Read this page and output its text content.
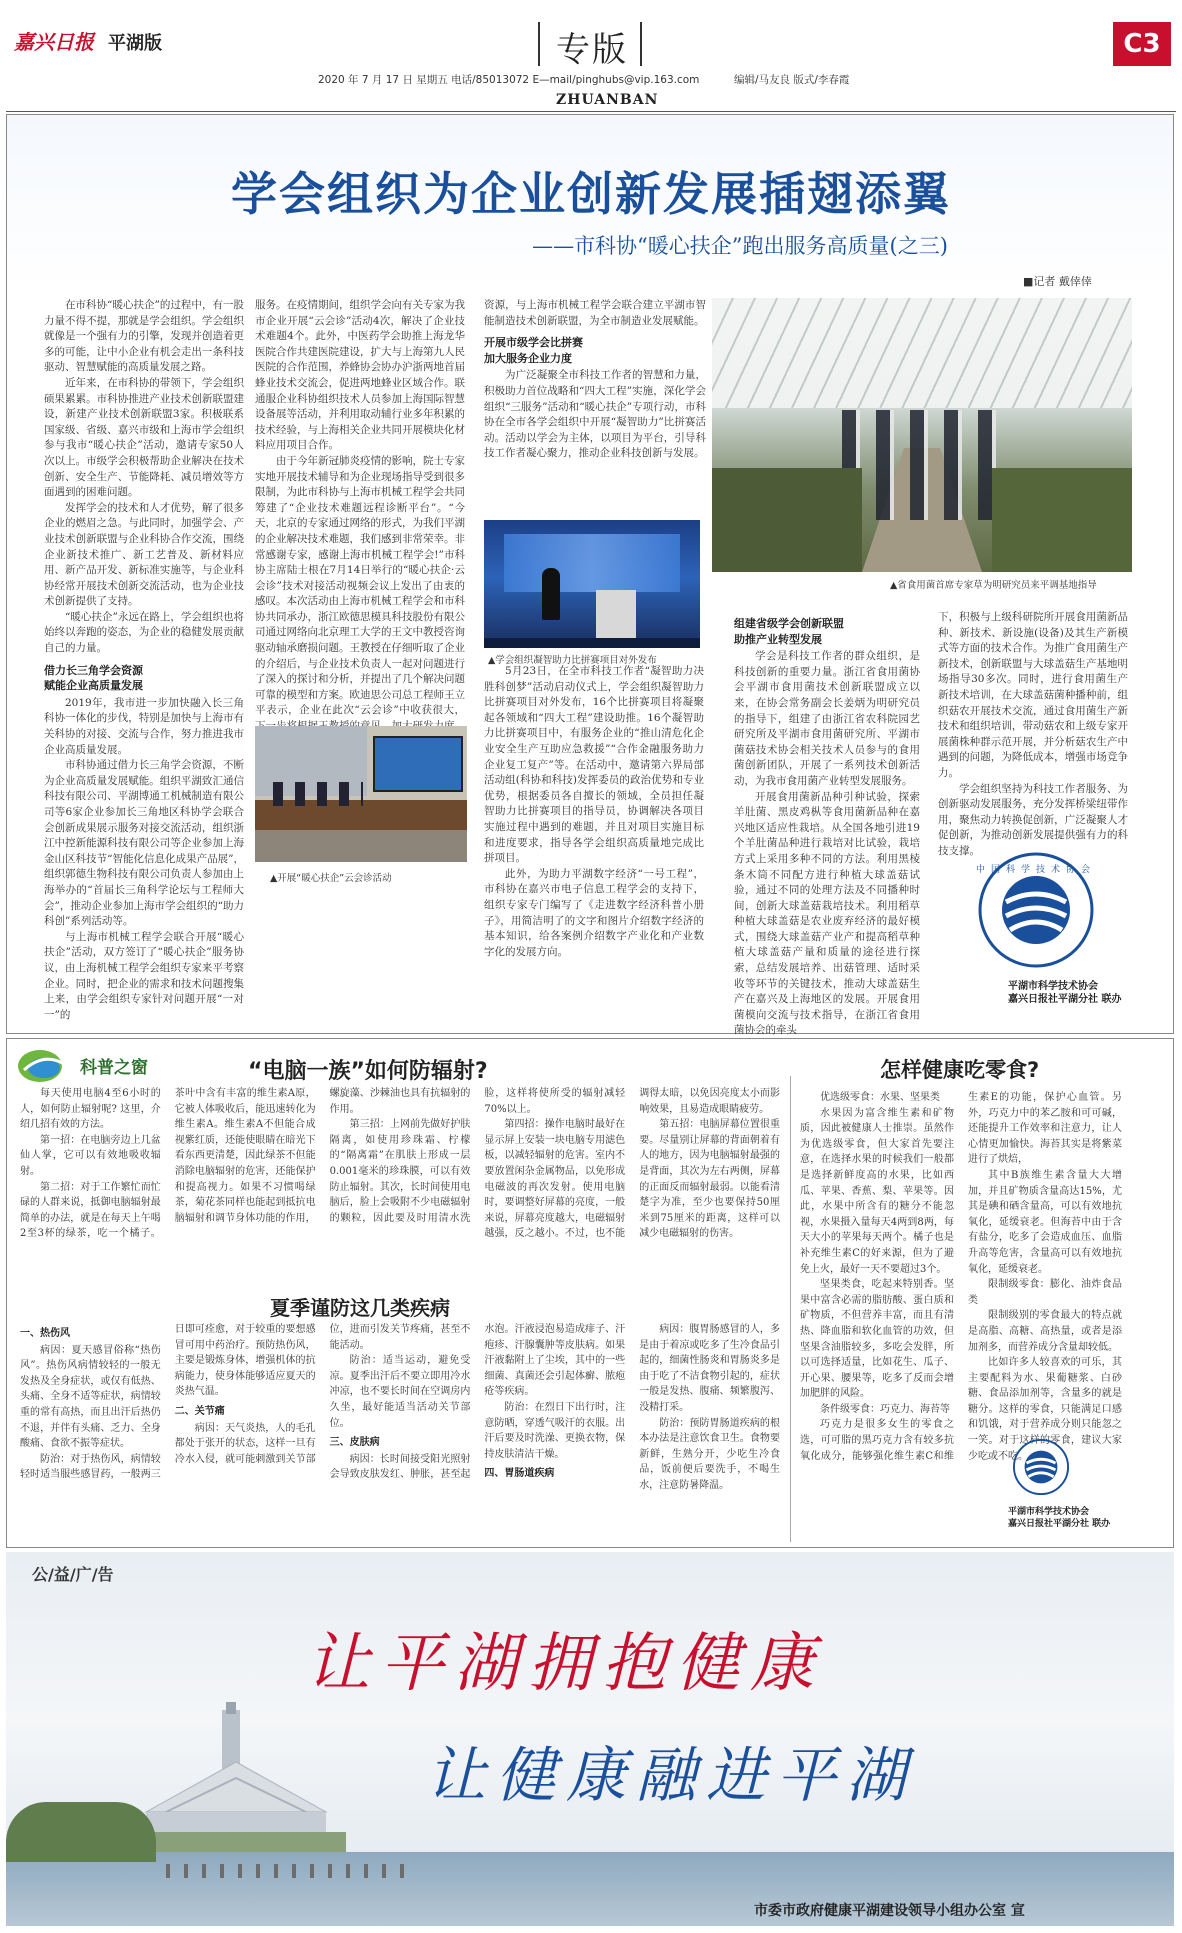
嘉兴日报 平湖版	专版	C3
2020 年 7 月 17 日 星期五 电话/85013072 E—mail/pinghubs@vip.163.com	编辑/马友良 版式/李春霞
ZHUANBAN
学会组织为企业创新发展插翅添翼
——市科协“暖心扶企”跑出服务高质量(之三)
■记者 戴倖倖

在市科协“暖心扶企”的过程中，有一股力量不得不提，那就是学会组织。学会组织就像是一个强有力的引擎，发现并创造着更多的可能，让中小企业有机会走出一条科技驱动、智慧赋能的高质量发展之路。

近年来，在市科协的带领下，学会组织硕果累累。市科协推进产业技术创新联盟建设，新建产业技术创新联盟3家。积极联系国家级、省级、嘉兴市级和上海市学会组织参与我市“暖心扶企”活动，邀请专家50人次以上。市级学会积极帮助企业解决在技术创新、安全生产、节能降耗、减员增效等方面遇到的困难问题。

发挥学会的技术和人才优势，解了很多企业的燃眉之急。与此同时，加强学会、产业技术创新联盟与企业科协合作交流，围绕企业新技术推广、新工艺普及、新材料应用、新产品开发、新标准实施等，与企业科协经常开展技术创新交流活动，也为企业技术创新提供了支持。

“暖心扶企”永远在路上，学会组织也将始终以奔跑的姿态，为企业的稳健发展贡献自己的力量。

借力长三角学会资源
赋能企业高质量发展

2019年，我市进一步加快融入长三角科协一体化的步伐，特别是加快与上海市有关科协的对接、交流与合作，努力推进我市企业高质量发展。

市科协通过借力长三角学会资源，不断为企业高质量发展赋能。组织平湖致汇通信科技有限公司、平湖博通工机械制造有限公司等6家企业参加长三角地区科协学会联合会创新成果展示服务对接交流活动，组织浙江中控新能源科技有限公司等企业参加上海金山区科技节“智能化信息化成果产品展”，组织郭德生物科技有限公司负责人参加由上海举办的“首届长三角科学论坛与工程师大会”，推动企业参加上海市学会组织的“助力科创”系列活动等。

与上海市机械工程学会联合开展“暖心扶企”活动，双方签订了“暖心扶企”服务协议，由上海机械工程学会组织专家来平考察企业。同时，把企业的需求和技术问题搜集上来，由学会组织专家针对问题开展“一对一”的

服务。在疫情期间，组织学会向有关专家为我市企业开展“云会诊”活动4次，解决了企业技术难题4个。此外，中医药学会助推上海龙华医院合作共建医院建设，扩大与上海第九人民医院的合作范围，养蜂协会协办沪浙两地首届蜂业技术交流会，促进两地蜂业区域合作。联通服企业科协组织技术人员参加上海国际智慧设备展等活动，并利用取动辅行业多年积累的技术经验，与上海相关企业共同开展模块化材料应用项目合作。

由于今年新冠肺炎疫情的影响，院士专家实地开展技术辅导和为企业现场指导受到很多限制，为此市科协与上海市机械工程学会共同筹建了“企业技术难题远程诊断平台”。“今天，北京的专家通过网络的形式，为我们平湖的企业解决技术难题，我们感到非常荣幸。非常感谢专家，感谢上海市机械工程学会!”市科协主席陆士根在7月14日举行的“暖心扶企·云会诊”技术对接活动视频会议上发出了由衷的感叹。本次活动由上海市机械工程学会和市科协共同承办，浙江欧德思模具科技股份有限公司通过网络向北京理工大学的王文中教授咨询驱动轴承磨损问题。王教授在仔细听取了企业的介绍后，与企业技术负责人一起对问题进行了深入的探讨和分析，并提出了几个解决问题可靠的模型和方案。欧迪思公司总工程师王立平表示，企业在此次“云会诊”中收获很大，

资源，与上海市机械工程学会联合建立平湖市智能制造技术创新联盟，为全市制造业发展赋能。

开展市级学会比拼赛
加大服务企业力度

为广泛凝聚全市科技工作者的智慧和力量，积极助力首位战略和“四大工程”实施，深化学会组织“三服务”活动和“暖心扶企”专项行动，市科协在全市各学会组织中开展“凝智助力”比拼赛活动。活动以学会为主体，以项目为平台，引导科技工作者凝心聚力，推动企业科技创新与发展。

▲学会组织凝智助力比拼赛项目对外发布
▲开展“暖心扶企”云会诊活动

5月23日，在全市科技工作者“凝智助力决胜科创梦”活动启动仪式上，学会组织凝智助力比拼赛项目对外发布，16个比拼赛项目将凝聚起各领域和“四大工程”建设助推。16个凝智助力比拼赛项目中，有服务企业的“推山清危化企业安全生产互助应急救援”“合作金融服务助力企业复工复产”等。在活动中，邀请第六界局部活动组(科协和科技)发挥委员的政治优势和专业优势，根据委员各自擅长的领域，全员担任凝智助力比拼赛项目的指导员，协调解决各项目实施过程中遇到的难题，并且对项目实施目标和进度要求，指导各学会组织高质量地完成比拼项目。

此外，为助力平湖数字经济“一号工程”，市科协在嘉兴市电子信息工程学会的支持下，组织专家专门编写了《走进数字经济科普小册子》，用简洁明了的文字和图片介绍数字经济的基本知识，给各案例介绍数字产业化和产业数字化的发展方向。

▲省食用菌首席专家草为明研究员来平调基地指导
组建省级学会创新联盟
助推产业转型发展

学会是科技工作者的群众组织，是科技创新的重要力量。浙江省食用菌协会平湖市食用菌技术创新联盟成立以来，在协会常务副会长姜炳为明研究员的指导下，组建了由浙江省农科院园艺研究所及平湖市食用菌研究所、平湖市菌菇技术协会相关技术人员参与的食用菌创新团队，开展了一系列技术创新活动，为我市食用菌产业转型发展服务。

开展食用菌新品种引种试验，探索羊肚菌、黑皮鸡枞等食用菌新品种在嘉兴地区适应性栽培。从全国各地引进19个羊肚菌品种进行栽培对比试验，栽培方式上采用多种不同的方法。利用黑棱条木筒不同配方进行种植大球盖菇试验，通过不同的处理方法及不同播种时间，创新大球盖菇栽培技术。利用稻草种植大球盖菇是农业废弃经济的最好模式，围绕大球盖菇产业产和提高稻草种植大球盖菇产量和质量的途径进行探索，总结发展培养、出菇管理、适时采收等环节的关键技术，推动大球盖菇生产在嘉兴及上海地区的发展。开展食用菌模向交流与技术指导，在浙江省食用菌协会的牵头

下，积极与上级科研院所开展食用菌新品种、新技术、新设施(设备)及其生产新模式等方面的技术合作。为推广食用菌生产新技术，创新联盟与大球盖菇生产基地明场指导30多次。同时，进行食用菌生产新技术培训，在大球盖菇菌种播种前，组织菇农开展技术交流，通过食用菌生产新技术和组织培训，带动菇农和上级专家开展菌株种群示范开展，并分析菇农生产中遇到的问题，为降低成本，增强市场竞争力。

学会组织坚持为科技工作者服务、为创新驱动发展服务，充分发挥桥梁纽带作用，聚焦动力转换促创新，广泛凝聚人才促创新，为推动创新发展提供强有力的科技支撑。

中国科学技术协会
平湖市科学技术协会
嘉兴日报社平湖分社 联办
科普之窗	“电脑一族”如何防辐射?

每天使用电脑4至6小时的人，如何防止辐射呢? 这里，介绍几招有效的方法。

第一招：在电脑旁边上几盆仙人掌，它可以有效地吸收辐射。

第二招：对于工作繁忙而忙碌的人群来说，抵御电脑辐射最简单的办法，就是在每天上午喝2至3杯的绿茶，吃一个橘子。茶叶中含有丰富的维生素A原，它被人体吸收后，能迅速转化为维生素A。维生素A不但能合成视紫红质，还能使眼睛在暗光下看东西更清楚，因此绿茶不但能消除电脑辐射的危害，还能保护和提高视力。如果不习惯喝绿茶，菊花茶同样也能起到抵抗电脑辐射和调节身体功能的作用，螺旋藻、沙棘油也具有抗辐射的作用。

第三招：上网前先做好护肤隔离，如使用珍珠霜、柠檬的“隔离霜”在肌肤上形成一层0.001毫米的珍珠膜，可以有效防止辐射。其次，长时间使用电脑后，脸上会吸附不少电磁辐射的颗粒，因此要及时用清水洗脸，这样将使所受的辐射减轻70%以上。

第四招：操作电脑时最好在显示屏上安装一块电脑专用滤色板，以减轻辐射的危害。室内不要放置闲杂金属物品，以免形成电磁波的再次发射。使用电脑时，要调整好屏幕的亮度，一般来说，屏幕亮度越大，电磁辐射越强，反之越小。不过，也不能调得太暗，以免因亮度太小而影响效果，且易造成眼睛疲劳。

第五招：电脑屏幕位置很重要。尽量别让屏幕的背面朝着有人的地方，因为电脑辐射最强的是背面，其次为左右两侧，屏幕的正面反而辐射最弱。以能看清楚字为准，至少也要保持50厘米到75厘米的距离，这样可以减少电磁辐射的伤害。

夏季谨防这几类疾病
一、热伤风

病因：夏天感冒俗称“热伤风”。热伤风病情较轻的一般无发热及全身症状，或仅有低热、头痛、全身不适等症状，病情较重的常有高热，而且出汗后热仍不退，并伴有头痛、乏力、全身酸痛、食欲不振等症状。

防治：对于热伤风，病情较轻时适当服些感冒药，一般两三日即可痊愈，对于较重的要想感冒可用中药治疗。预防热伤风，主要是锻炼身体，增强机体的抗病能力，使身体能够适应夏天的炎热气温。

二、关节痛

病因：天气炎热，人的毛孔都处于张开的状态，这样一旦有冷水入侵，就可能刺激到关节部位，进而引发关节疼痛，甚至不能活动。

防治：适当运动，避免受凉。夏季出汗后不要立即用冷水冲凉，也不要长时间在空调房内久坐，最好能适当活动关节部位。

三、皮肤病

病因：长时间接受阳光照射会导致皮肤发红、肿胀，甚至起水泡。汗液浸泡易造成痱子、汗疱疹、汗腺囊肿等皮肤病。如果汗液黏附上了尘埃，其中的一些细菌、真菌还会引起体癣、脓疱疮等疾病。

防治：在烈日下出行时，注意防晒，穿透气吸汗的衣服。出汗后要及时洗澡、更换衣物，保持皮肤清洁干燥。

四、胃肠道疾病

病因：腹胃肠感冒的人，多是由于着凉或吃多了生冷食品引起的，细菌性肠炎和胃肠炎多是由于吃了不洁食物引起的，症状一般是发热、腹痛、频繁腹泻、没精打采。

防治：预防胃肠道疾病的根本办法是注意饮食卫生。食物要新鲜，生熟分开，少吃生冷食品，饭前便后要洗手，不喝生水，注意防暑降温。

怎样健康吃零食?

优选级零食：水果、坚果类

水果因为富含维生素和矿物质，因此被健康人士推崇。虽然作为优选级零食，但大家首先要注意，在选择水果的时候我们一般都是选择新鲜度高的水果，比如西瓜、苹果、香蕉、梨、苹果等。因此，水果中所含有的糖分不能忽视，水果摄入量每天4两到8两，每天大小的苹果每天两个。橘子也是补充维生素C的好来源，但为了避免上火，最好一天不要超过3个。

坚果类食，吃起来特别香。坚果中富含必需的脂肪酸、蛋白质和矿物质，不但营养丰富，而且有清热、降血脂和软化血管的功效，但坚果含油脂较多，多吃会发胖，所以可选择适量，比如花生、瓜子、开心果、腰果等，吃多了反而会增加肥胖的风险。

条件级零食：巧克力、海苔等

巧克力是很多女生的零食之选，可可脂的黑巧克力含有较多抗氧化成分，能够强化维生素C和维生素E的功能，保护心血管。另外，巧克力中的苯乙胺和可可碱，还能提升工作效率和注意力，让人心情更加愉快。海苔其实是将紫菜进行了烘焙，

其中B族维生素含量大大增加，并且矿物质含量高达15%，尤其是碘和硒含量高，可以有效地抗氧化，延缓衰老。但海苔中由于含有盐分，吃多了会造成血压、血脂升高等危害，含量高可以有效地抗氧化，延缓衰老。

限制级零食：膨化、油炸食品类

限制级别的零食最大的特点就是高脂、高糖、高热量，或者是添加剂多，而营养成分含量却较低。

比如许多人较喜欢的可乐，其主要配料为水、果葡糖浆、白砂糖、食品添加剂等，含量多的就是糖分。这样的零食，只能满足口感和饥饿，对于营养成分则只能忽之一笑。对于这样的零食，建议大家少吃或不吃。

平湖市科学技术协会
嘉兴日报社平湖分社 联办
公/益/广/告
让平湖拥抱健康
让健康融进平湖
市委市政府健康平湖建设领导小组办公室 宣
